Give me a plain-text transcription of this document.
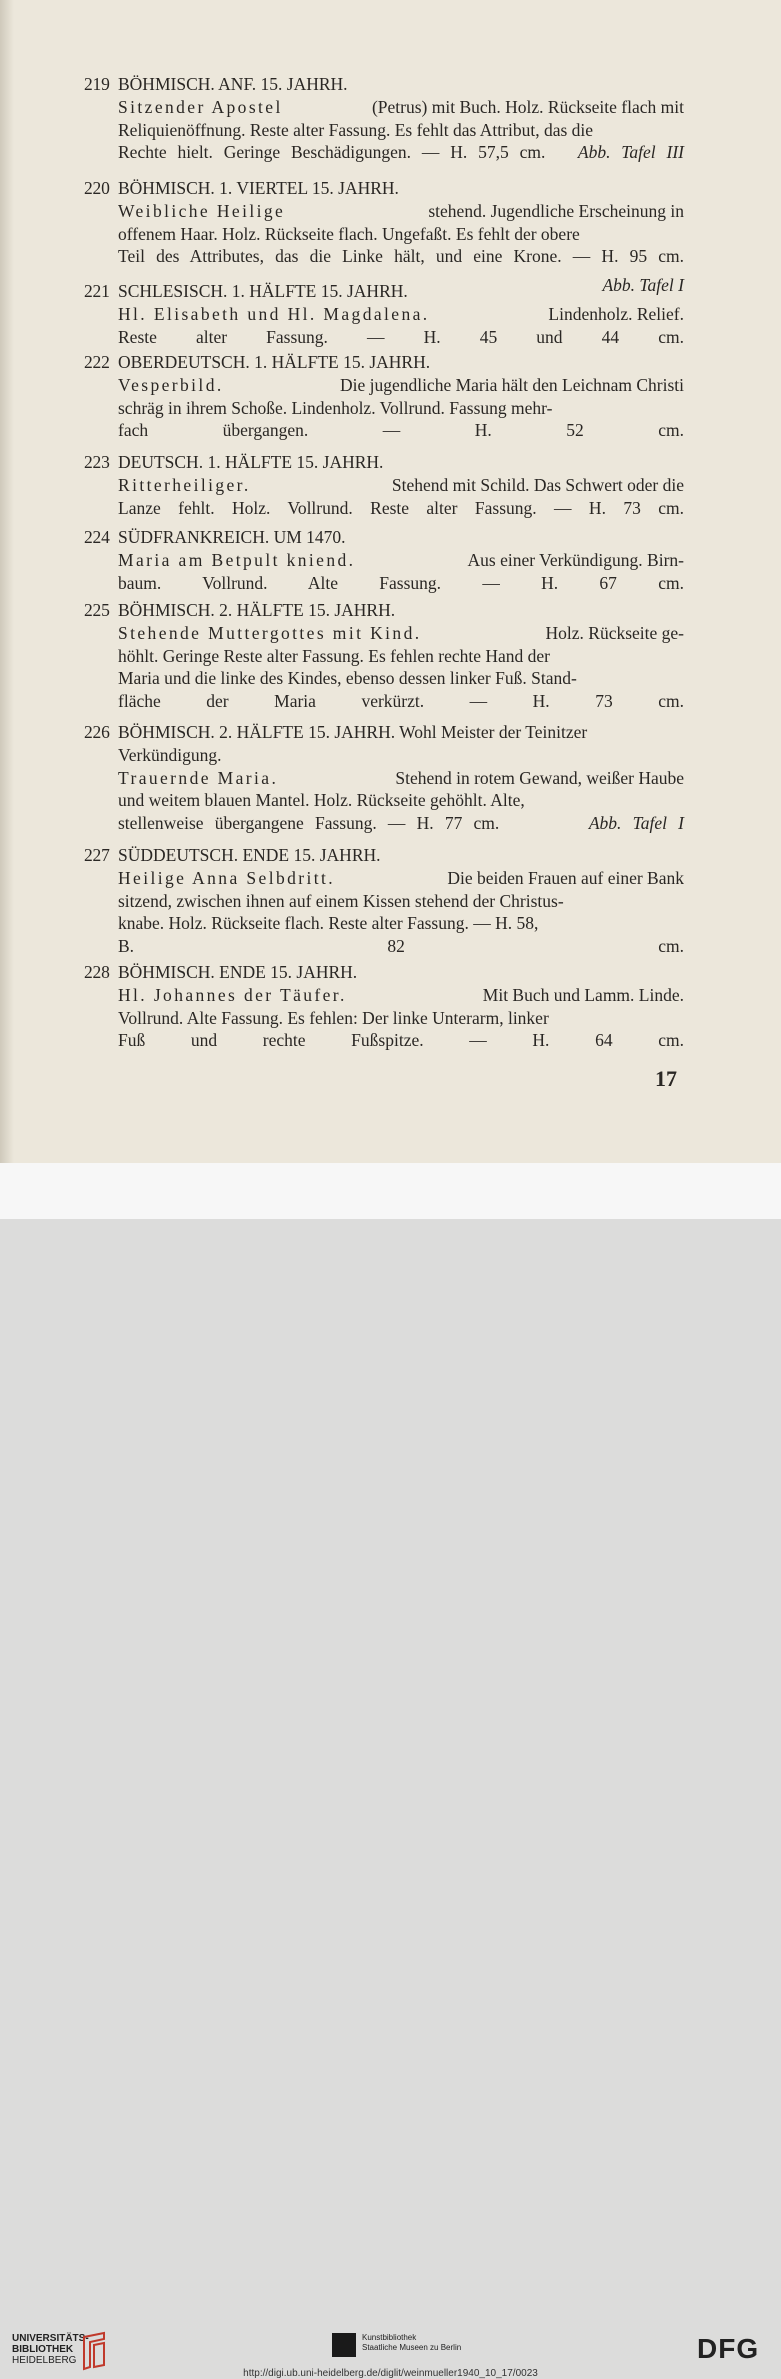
219 BÖHMISCH. ANF. 15. JAHRH.
Sitzender Apostel	(Petrus) mit Buch. Holz. Rückseite flach mit
Reliquienöffnung. Reste alter Fassung. Es fehlt das Attribut, das die
Rechte hielt. Geringe Beschädigungen. — H. 57,5 cm.   Abb. Tafel III
220 BÖHMISCH. 1. VIERTEL 15. JAHRH.
Weibliche Heilige	stehend. Jugendliche Erscheinung in
offenem Haar. Holz. Rückseite flach. Ungefaßt. Es fehlt der obere
Teil des Attributes, das die Linke hält, und eine Krone. — H. 95 cm.
221 SCHLESISCH. 1. HÄLFTE 15. JAHRH.	Abb. Tafel I
Hl. Elisabeth und Hl. Magdalena.	Lindenholz. Relief.
Reste alter Fassung. — H. 45 und 44 cm.
222 OBERDEUTSCH. 1. HÄLFTE 15. JAHRH.
Vesperbild.	Die jugendliche Maria hält den Leichnam Christi
schräg in ihrem Schoße. Lindenholz. Vollrund. Fassung mehr-
fach übergangen. — H. 52 cm.
223 DEUTSCH. 1. HÄLFTE 15. JAHRH.
Ritterheiliger.	Stehend mit Schild. Das Schwert oder die
Lanze fehlt. Holz. Vollrund. Reste alter Fassung. — H. 73 cm.
224 SÜDFRANKREICH. UM 1470.
Maria am Betpult kniend.	Aus einer Verkündigung. Birn-
baum. Vollrund. Alte Fassung. — H. 67 cm.
225 BÖHMISCH. 2. HÄLFTE 15. JAHRH.
Stehende Muttergottes mit Kind.	Holz. Rückseite ge-
höhlt. Geringe Reste alter Fassung. Es fehlen rechte Hand der
Maria und die linke des Kindes, ebenso dessen linker Fuß. Stand-
fläche der Maria verkürzt. — H. 73 cm.
226 BÖHMISCH. 2. HÄLFTE 15. JAHRH. Wohl Meister der Teinitzer
Verkündigung.
Trauernde Maria.	Stehend in rotem Gewand, weißer Haube
und weitem blauen Mantel. Holz. Rückseite gehöhlt. Alte,
stellenweise übergangene Fassung. — H. 77 cm.        Abb. Tafel I
227 SÜDDEUTSCH. ENDE 15. JAHRH.
Heilige Anna Selbdritt.	Die beiden Frauen auf einer Bank
sitzend, zwischen ihnen auf einem Kissen stehend der Christus-
knabe. Holz. Rückseite flach. Reste alter Fassung. — H. 58,
B. 82 cm.
228 BÖHMISCH. ENDE 15. JAHRH.
Hl. Johannes der Täufer.	Mit Buch und Lamm. Linde.
Vollrund. Alte Fassung. Es fehlen: Der linke Unterarm, linker
Fuß und rechte Fußspitze. — H. 64 cm.
17
UNIVERSITÄTS-
BIBLIOTHEK
HEIDELBERG
Kunstbibliothek
Staatliche Museen zu Berlin	DFG
http://digi.ub.uni-heidelberg.de/diglit/weinmueller1940_10_17/0023
